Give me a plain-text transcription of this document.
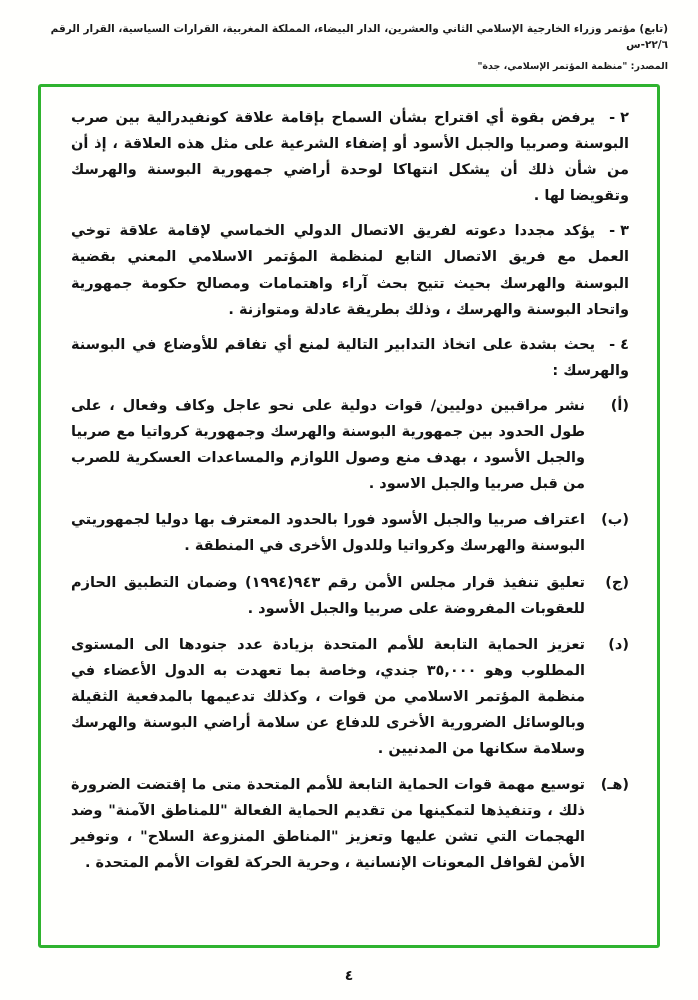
(تابع) مؤتمر وزراء الخارجية الإسلامي الثاني والعشرين، الدار البيضاء، المملكة المغربية، القرارات السياسية، القرار الرقم ٢٢/٦-س
المصدر: "منظمة المؤتمر الإسلامي، جدة"
٢ -يرفض بقوة أي اقتراح بشأن السماح بإقامة علاقة كونفيدرالية بين صرب البوسنة وصربيا والجبل الأسود أو إضفاء الشرعية على مثل هذه العلاقة ، إذ أن من شأن ذلك أن يشكل انتهاكا لوحدة أراضي جمهورية البوسنة والهرسك وتقويضا لها .
٣ -يؤكد مجددا دعوته لفريق الاتصال الدولي الخماسي لإقامة علاقة توخي العمل مع فريق الاتصال التابع لمنظمة المؤتمر الاسلامي المعني بقضية البوسنة والهرسك بحيث تتيح بحث آراء واهتمامات ومصالح حكومة جمهورية واتحاد البوسنة والهرسك ، وذلك بطريقة عادلة ومتوازنة .
٤ -يحث بشدة على اتخاذ التدابير التالية لمنع أي تفاقم للأوضاع في البوسنة والهرسك :
(أ)
نشر مراقبين دوليين/ قوات دولية على نحو عاجل وكاف وفعال ، على طول الحدود بين جمهورية البوسنة والهرسك وجمهورية كرواتيا مع صربيا والجبل الأسود ، بهدف منع وصول اللوازم والمساعدات العسكرية للصرب من قبل صربيا والجبل الاسود .
(ب)
اعتراف صربيا والجبل الأسود فورا بالحدود المعترف بها دوليا لجمهوريتي البوسنة والهرسك وكرواتيا وللدول الأخرى في المنطقة .
(ج)
تعليق تنفيذ قرار مجلس الأمن رقم ٩٤٣(١٩٩٤) وضمان التطبيق الحازم للعقوبات المفروضة على صربيا والجبل الأسود .
(د)
تعزيز الحماية التابعة للأمم المتحدة بزيادة عدد جنودها الى المستوى المطلوب وهو ٣٥,٠٠٠ جندي، وخاصة بما تعهدت به الدول الأعضاء في منظمة المؤتمر الاسلامي من قوات ، وكذلك تدعيمها بالمدفعية الثقيلة وبالوسائل الضرورية الأخرى للدفاع عن سلامة أراضي البوسنة والهرسك وسلامة سكانها من المدنيين .
(هـ)
توسيع مهمة قوات الحماية التابعة للأمم المتحدة متى ما إقتضت الضرورة ذلك ، وتنفيذها لتمكينها من تقديم الحماية الفعالة "للمناطق الآمنة" وضد الهجمات التي تشن عليها وتعزيز "المناطق المنزوعة السلاح" ، وتوفير الأمن لقوافل المعونات الإنسانية ، وحرية الحركة لقوات الأمم المتحدة .
٤
